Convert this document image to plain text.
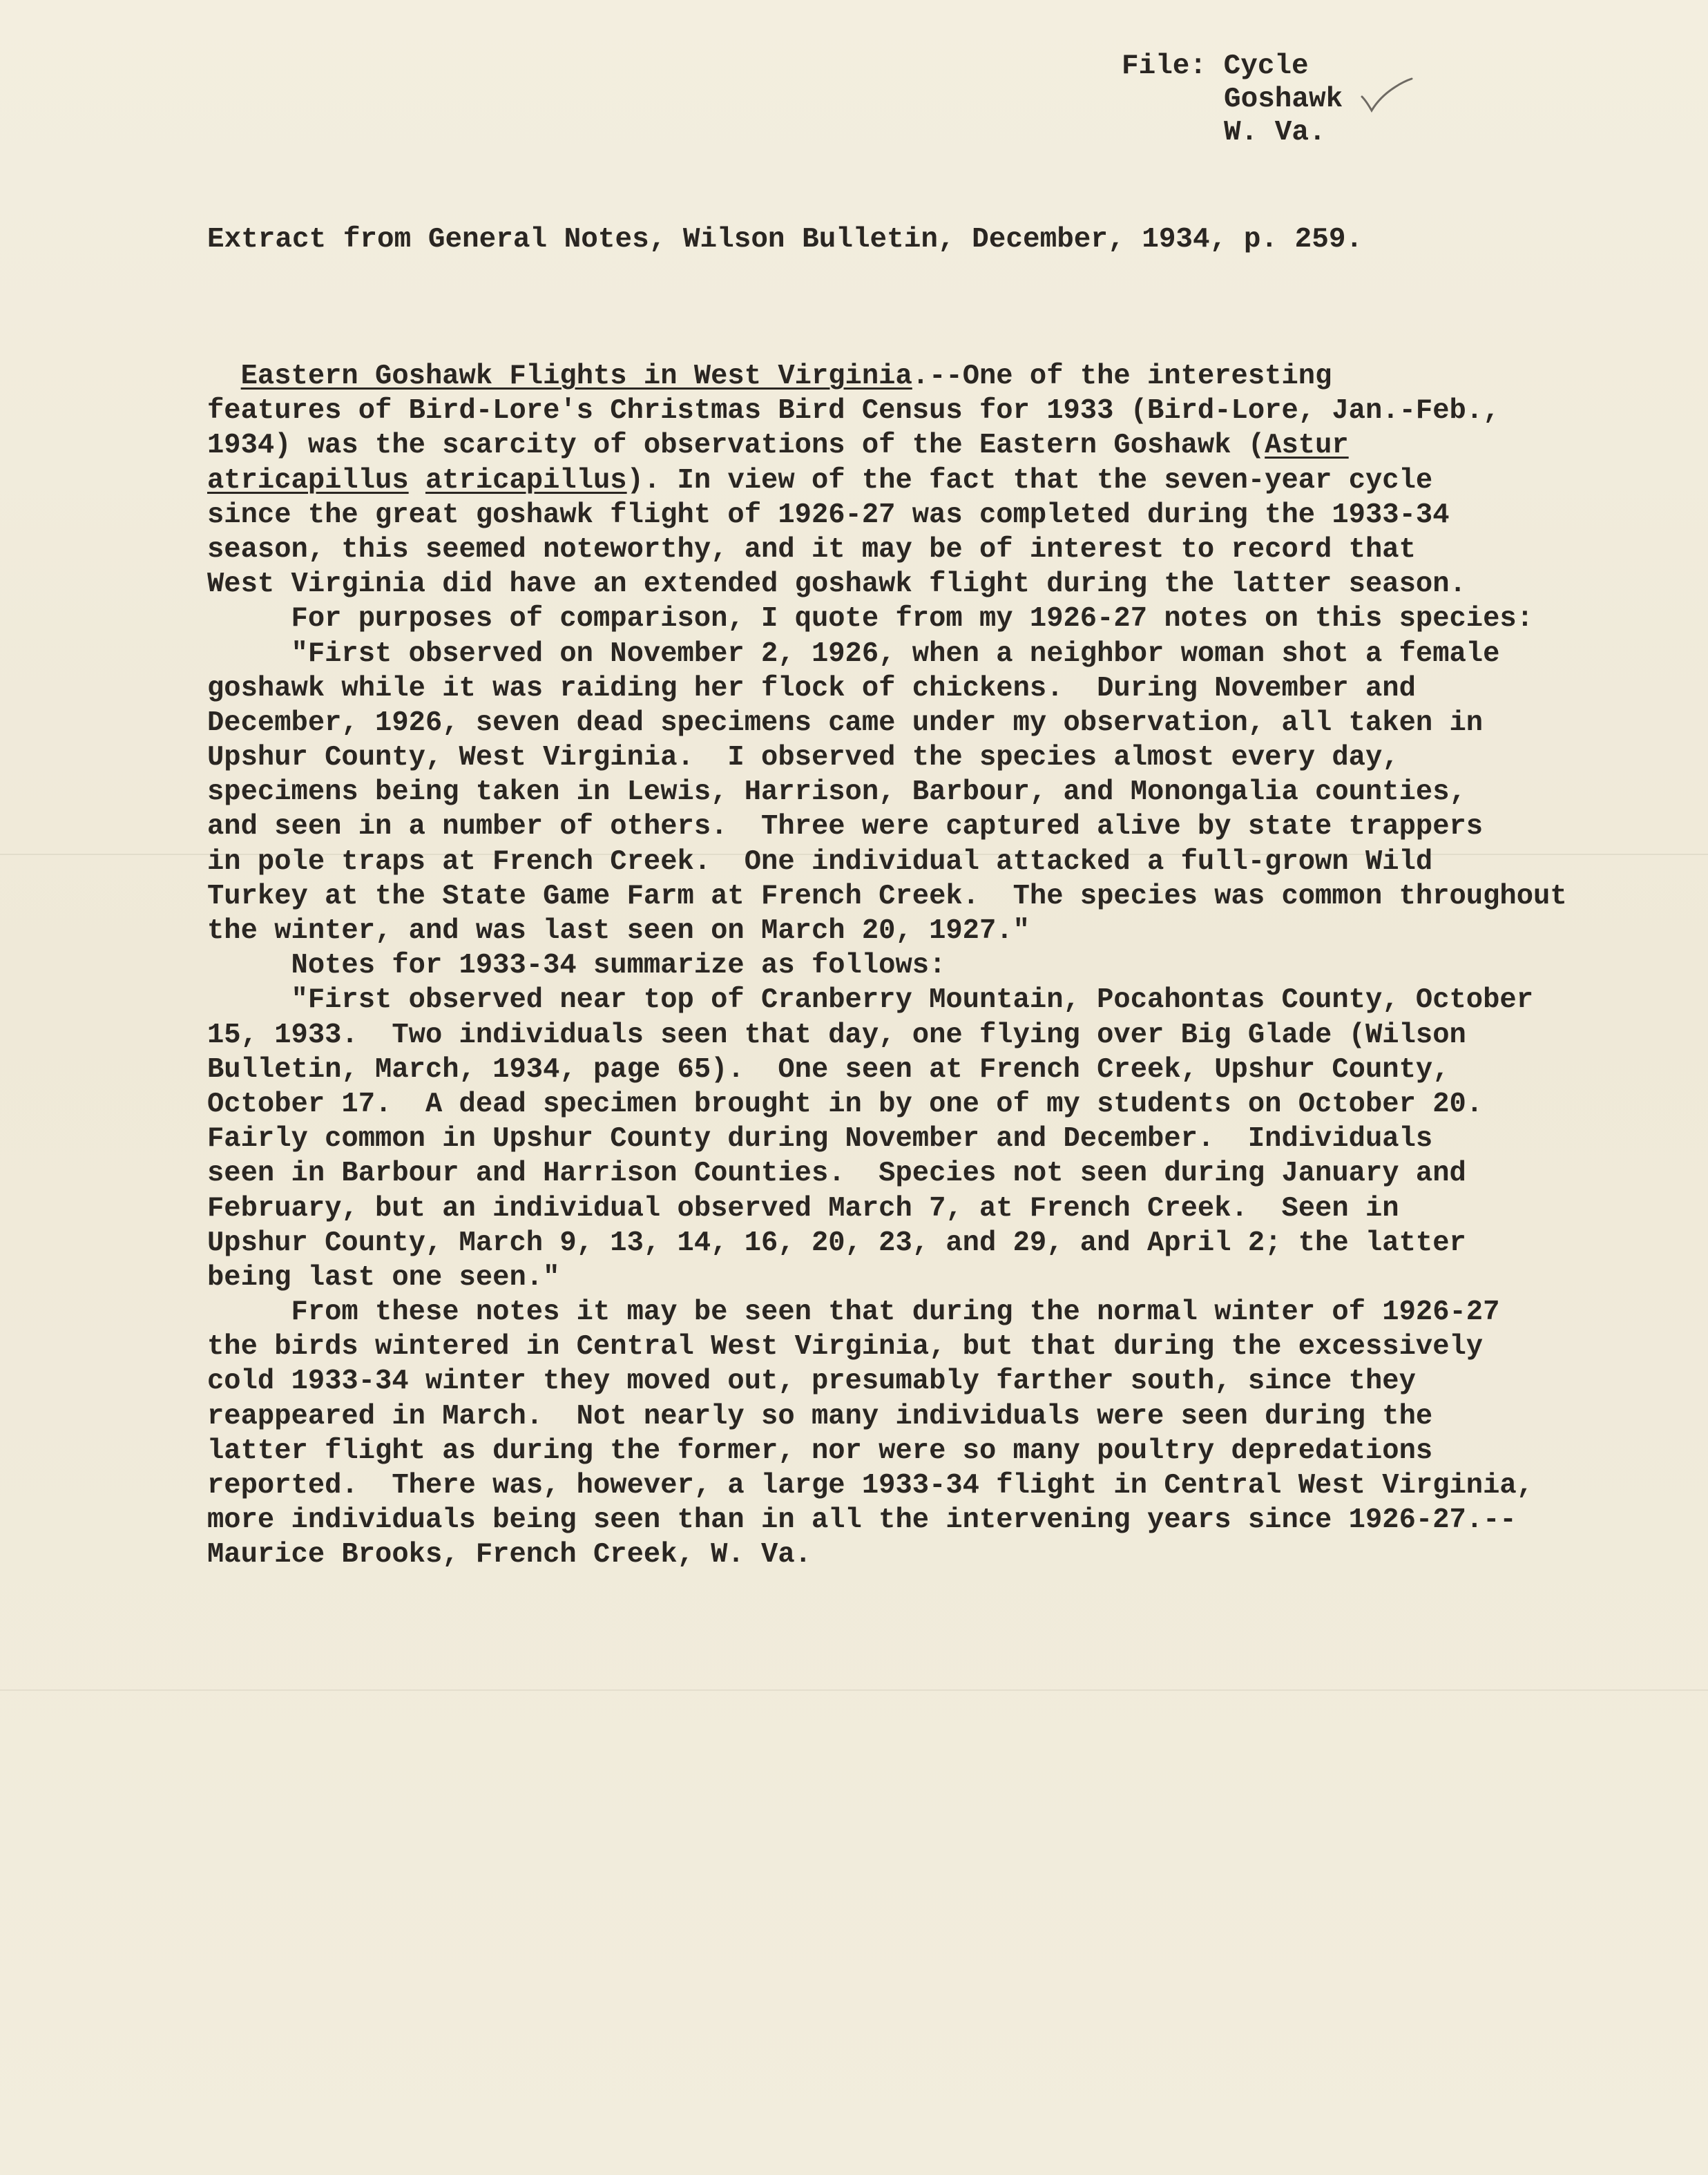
File: Cycle
Goshawk
W. Va.
Extract from General Notes, Wilson Bulletin, December, 1934, p. 259.
Eastern Goshawk Flights in West Virginia.--One of the interesting
features of Bird-Lore's Christmas Bird Census for 1933 (Bird-Lore, Jan.-Feb.,
1934) was the scarcity of observations of the Eastern Goshawk (Astur
atricapillus atricapillus). In view of the fact that the seven-year cycle
since the great goshawk flight of 1926-27 was completed during the 1933-34
season, this seemed noteworthy, and it may be of interest to record that
West Virginia did have an extended goshawk flight during the latter season.
For purposes of comparison, I quote from my 1926-27 notes on this species:
"First observed on November 2, 1926, when a neighbor woman shot a female
goshawk while it was raiding her flock of chickens.  During November and
December, 1926, seven dead specimens came under my observation, all taken in
Upshur County, West Virginia.  I observed the species almost every day,
specimens being taken in Lewis, Harrison, Barbour, and Monongalia counties,
and seen in a number of others.  Three were captured alive by state trappers
in pole traps at French Creek.  One individual attacked a full-grown Wild
Turkey at the State Game Farm at French Creek.  The species was common throughout
the winter, and was last seen on March 20, 1927."
Notes for 1933-34 summarize as follows:
"First observed near top of Cranberry Mountain, Pocahontas County, October
15, 1933.  Two individuals seen that day, one flying over Big Glade (Wilson
Bulletin, March, 1934, page 65).  One seen at French Creek, Upshur County,
October 17.  A dead specimen brought in by one of my students on October 20.
Fairly common in Upshur County during November and December.  Individuals
seen in Barbour and Harrison Counties.  Species not seen during January and
February, but an individual observed March 7, at French Creek.  Seen in
Upshur County, March 9, 13, 14, 16, 20, 23, and 29, and April 2; the latter
being last one seen."
From these notes it may be seen that during the normal winter of 1926-27
the birds wintered in Central West Virginia, but that during the excessively
cold 1933-34 winter they moved out, presumably farther south, since they
reappeared in March.  Not nearly so many individuals were seen during the
latter flight as during the former, nor were so many poultry depredations
reported.  There was, however, a large 1933-34 flight in Central West Virginia,
more individuals being seen than in all the intervening years since 1926-27.--
Maurice Brooks, French Creek, W. Va.
